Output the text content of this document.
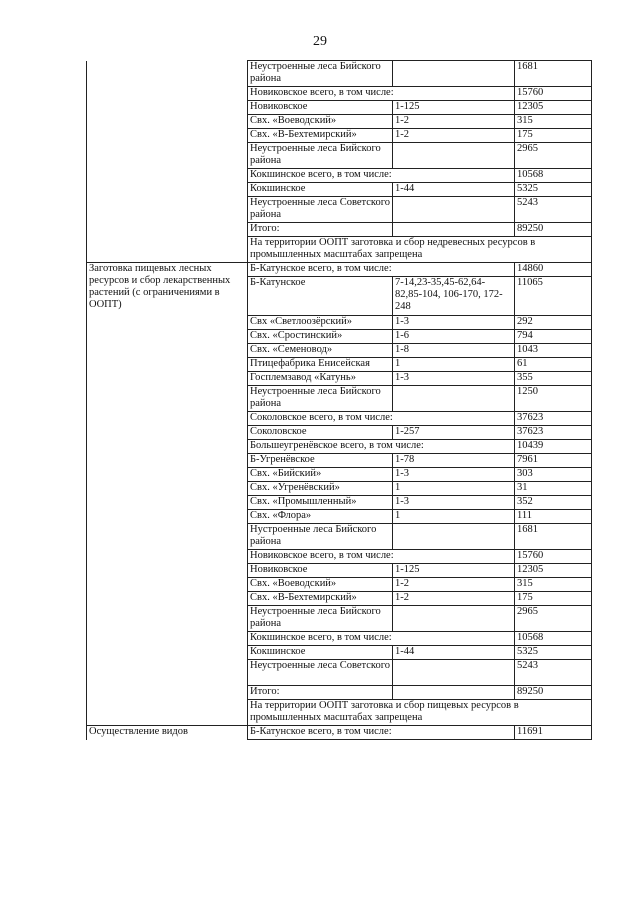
29
	Неустроенные леса Бийского района		1681
	Новиковское всего, в том числе:		15760
	Новиковское	1-125	12305
	Свх. «Воеводский»	1-2	315
	Свх. «В-Бехтемирский»	1-2	175
	Неустроенные леса Бийского района		2965
	Кокшинское всего, в том числе:		10568
	Кокшинское	1-44	5325
	Неустроенные леса Советского района		5243
	Итого:		89250
	На территории ООПТ заготовка и сбор недревесных ресурсов в промышленных масштабах запрещена		
Заготовка пищевых лесных ресурсов и сбор лекарственных растений (с ограничениями в ООПТ)	Б-Катунское всего, в том числе:		14860
	Б-Катунское	7-14,23-35,45-62,64-82,85-104, 106-170, 172-248	11065
	Свх «Светлоозёрский»	1-3	292
	Свх. «Сростинский»	1-6	794
	Свх. «Семеновод»	1-8	1043
	Птицефабрика Енисейская	1	61
	Госплемзавод «Катунь»	1-3	355
	Неустроенные леса Бийского района		1250
	Соколовское всего, в том числе:		37623
	Соколовское	1-257	37623
	Большеугренёвское всего, в том числе:		10439
	Б-Угренёвское	1-78	7961
	Свх. «Бийский»	1-3	303
	Свх. «Угренёвский»	1	31
	Свх. «Промышленный»	1-3	352
	Свх. «Флора»	1	111
	Нустроенные леса Бийского района		1681
	Новиковское всего, в том числе:		15760
	Новиковское	1-125	12305
	Свх. «Воеводский»	1-2	315
	Свх. «В-Бехтемирский»	1-2	175
	Неустроенные леса Бийского района		2965
	Кокшинское всего, в том числе:		10568
	Кокшинское	1-44	5325
	Неустроенные леса Советского		5243
	Итого:		89250
	На территории ООПТ заготовка и сбор пищевых ресурсов в промышленных масштабах запрещена		
Осуществление видов	Б-Катунское всего, в том числе:		11691
